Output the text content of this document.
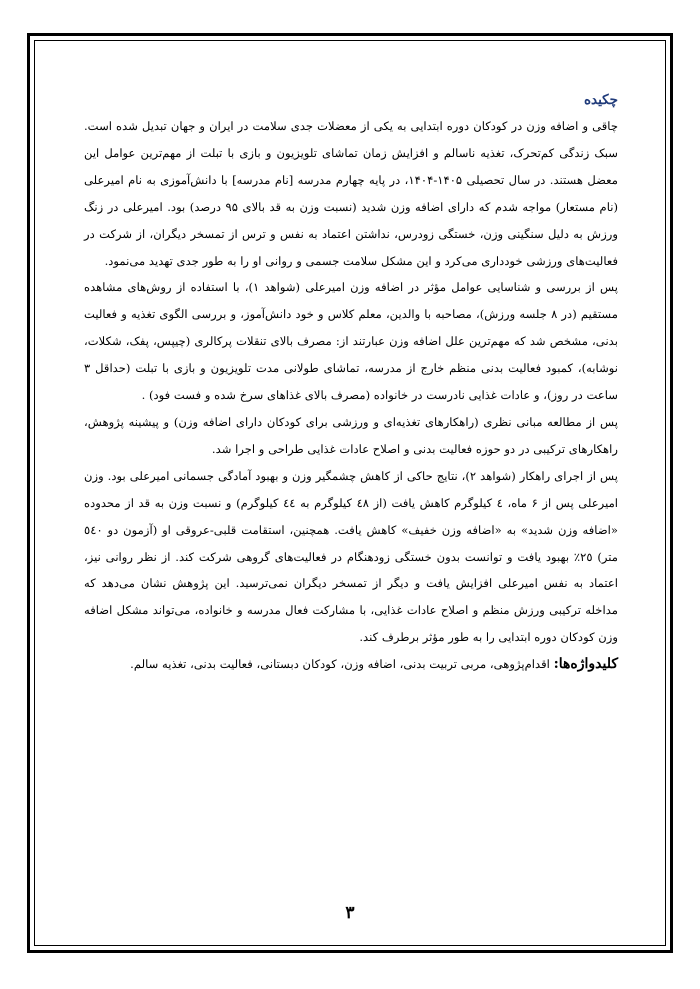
چکیده

چاقی و اضافه وزن در کودکان دوره ابتدایی به یکی از معضلات جدی سلامت در ایران و جهان تبدیل شده است. سبک زندگی کم‌تحرک، تغذیه ناسالم و افزایش زمان تماشای تلویزیون و بازی با تبلت از مهم‌ترین عوامل این معضل هستند. در سال تحصیلی ۱۴۰۵-۱۴۰۴، در پایه چهارم مدرسه [نام مدرسه] با دانش‌آموزی به نام امیرعلی (نام مستعار) مواجه شدم که دارای اضافه وزن شدید (نسبت وزن به قد بالای ۹۵ درصد) بود. امیرعلی در زنگ ورزش به دلیل سنگینی وزن، خستگی زودرس، نداشتن اعتماد به نفس و ترس از تمسخر دیگران، از شرکت در فعالیت‌های ورزشی خودداری می‌کرد و این مشکل سلامت جسمی و روانی او را به طور جدی تهدید می‌نمود.

پس از بررسی و شناسایی عوامل مؤثر در اضافه وزن امیرعلی (شواهد ۱)، با استفاده از روش‌های مشاهده مستقیم (در ۸ جلسه ورزش)، مصاحبه با والدین، معلم کلاس و خود دانش‌آموز، و بررسی الگوی تغذیه و فعالیت بدنی، مشخص شد که مهم‌ترین علل اضافه وزن عبارتند از: مصرف بالای تنقلات پرکالری (چیپس، پفک، شکلات، نوشابه)، کمبود فعالیت بدنی منظم خارج از مدرسه، تماشای طولانی مدت تلویزیون و بازی با تبلت (حداقل ۳ ساعت در روز)، و عادات غذایی نادرست در خانواده (مصرف بالای غذاهای سرخ شده و فست فود) .

پس از مطالعه مبانی نظری (راهکارهای تغذیه‌ای و ورزشی برای کودکان دارای اضافه وزن) و پیشینه پژوهش، راهکارهای ترکیبی در دو حوزه فعالیت بدنی و اصلاح عادات غذایی طراحی و اجرا شد.

پس از اجرای راهکار (شواهد ۲)، نتایج حاکی از کاهش چشمگیر وزن و بهبود آمادگی جسمانی امیرعلی بود. وزن امیرعلی پس از ۶ ماه، ٤ کیلوگرم کاهش یافت (از ٤۸ کیلوگرم به ٤٤ کیلوگرم) و نسبت وزن به قد از محدوده «اضافه وزن شدید» به «اضافه وزن خفیف» کاهش یافت. همچنین، استقامت قلبی-عروقی او (آزمون دو ٥٤۰ متر) ۲٥٪ بهبود یافت و توانست بدون خستگی زودهنگام در فعالیت‌های گروهی شرکت کند. از نظر روانی نیز، اعتماد به نفس امیرعلی افزایش یافت و دیگر از تمسخر دیگران نمی‌ترسید. این پژوهش نشان می‌دهد که مداخله ترکیبی ورزش منظم و اصلاح عادات غذایی، با مشارکت فعال مدرسه و خانواده، می‌تواند مشکل اضافه وزن کودکان دوره ابتدایی را به طور مؤثر برطرف کند.

کلیدواژه‌ها: اقدام‌پژوهی، مربی تربیت بدنی، اضافه وزن، کودکان دبستانی، فعالیت بدنی، تغذیه سالم.

۳
